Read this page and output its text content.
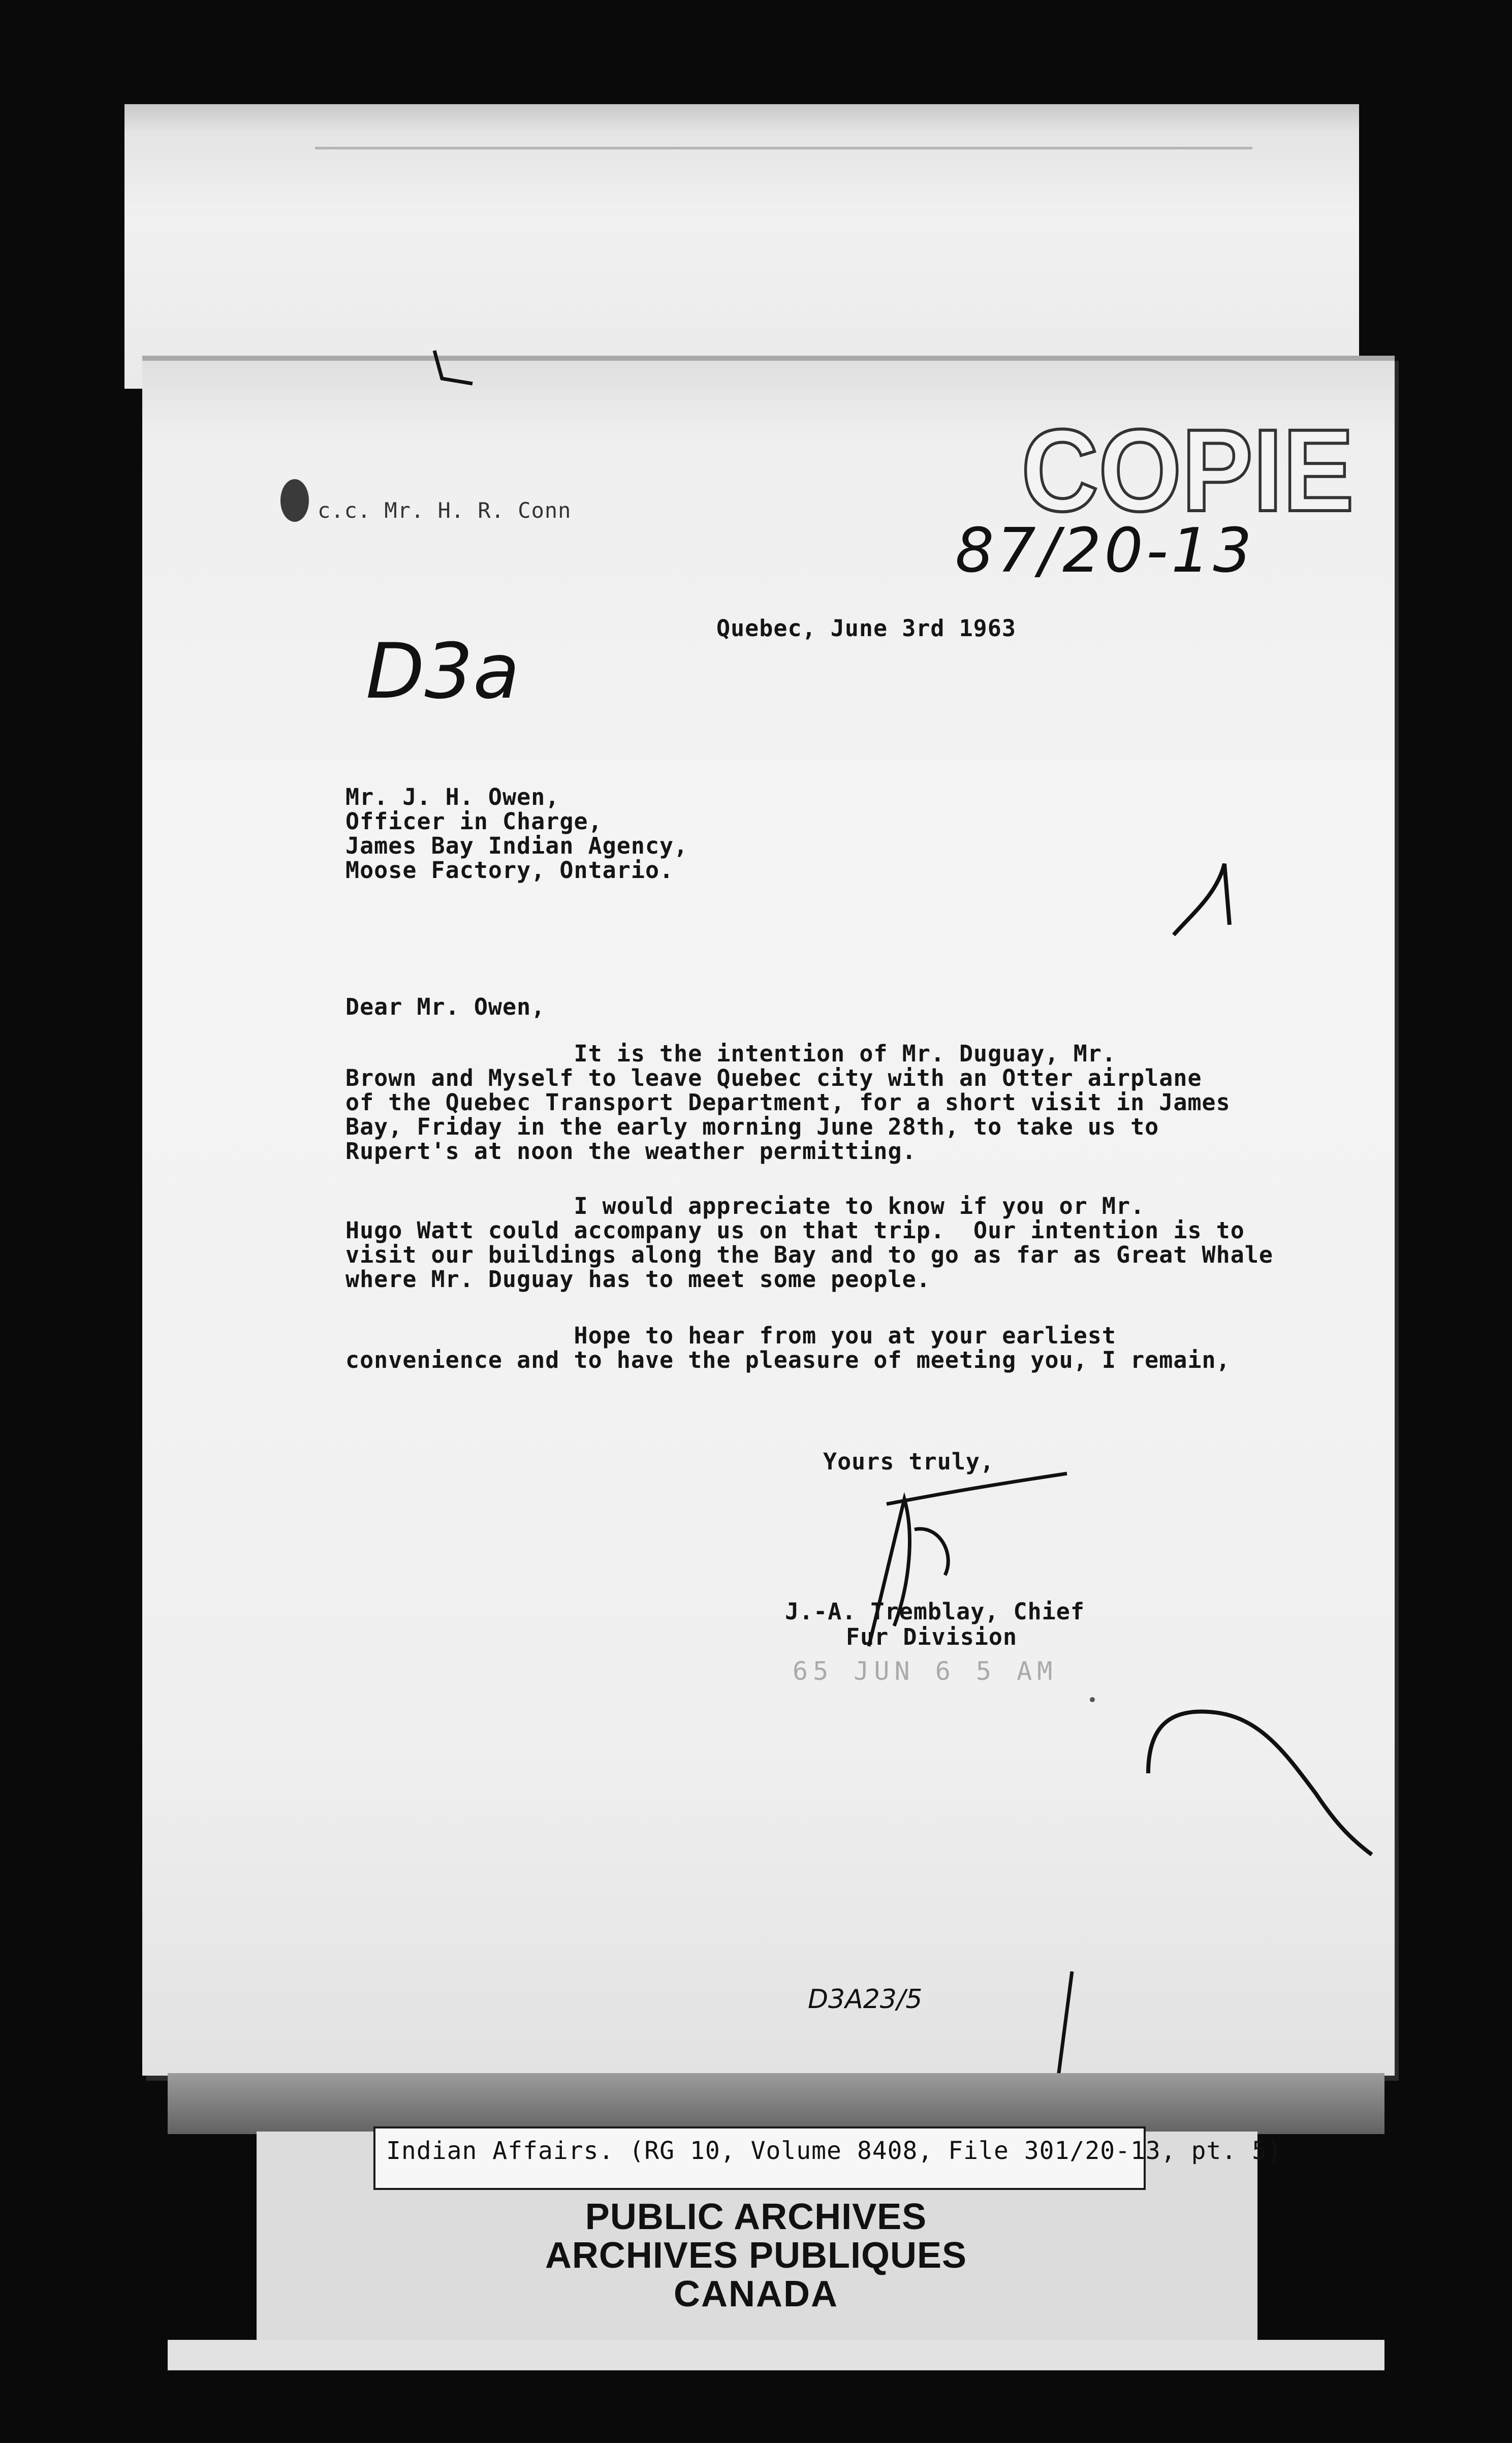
COPIE
87/20-13
D3a
c.c. Mr. H. R. Conn
Quebec, June 3rd 1963
Mr. J. H. Owen,
Officer in Charge,
James Bay Indian Agency,
Moose Factory, Ontario.
Dear Mr. Owen,
It is the intention of Mr. Duguay, Mr.
Brown and Myself to leave Quebec city with an Otter airplane
of the Quebec Transport Department, for a short visit in James
Bay, Friday in the early morning June 28th, to take us to
Rupert's at noon the weather permitting.
I would appreciate to know if you or Mr.
Hugo Watt could accompany us on that trip.  Our intention is to
visit our buildings along the Bay and to go as far as Great Whale
where Mr. Duguay has to meet some people.
Hope to hear from you at your earliest
convenience and to have the pleasure of meeting you, I remain,
Yours truly,
J.-A. Tremblay, Chief
Fur Division
65 JUN 6 5 AM
D3A23/5
Indian Affairs. (RG 10, Volume 8408, File 301/20-13, pt. 5)
PUBLIC ARCHIVES
ARCHIVES PUBLIQUES
CANADA
